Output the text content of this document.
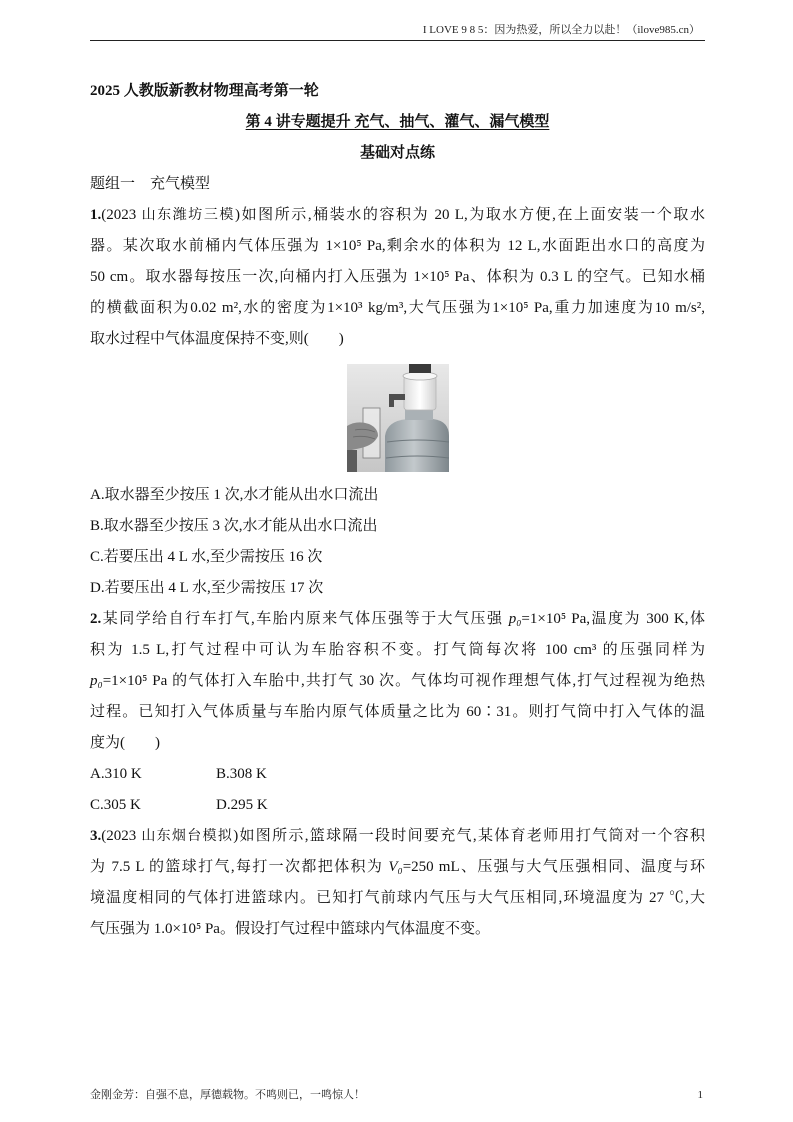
I LOVE 9 8 5：因为热爱，所以全力以赴！（ilove985.cn）
2025 人教版新教材物理高考第一轮
第 4 讲专题提升 充气、抽气、灌气、漏气模型
基础对点练
题组一　充气模型
1.(2023 山东潍坊三模)如图所示,桶装水的容积为 20 L,为取水方便,在上面安装一个取水
器。某次取水前桶内气体压强为 1×10⁵ Pa,剩余水的体积为 12 L,水面距出水口的高度为
50 cm。取水器每按压一次,向桶内打入压强为 1×10⁵ Pa、体积为 0.3 L 的空气。已知水桶
的横截面积为0.02 m²,水的密度为1×10³ kg/m³,大气压强为1×10⁵ Pa,重力加速度为10 m/s²,
取水过程中气体温度保持不变,则(　　)
A.取水器至少按压 1 次,水才能从出水口流出
B.取水器至少按压 3 次,水才能从出水口流出
C.若要压出 4 L 水,至少需按压 16 次
D.若要压出 4 L 水,至少需按压 17 次
2.某同学给自行车打气,车胎内原来气体压强等于大气压强 p₀=1×10⁵ Pa,温度为 300 K,体
积为 1.5 L,打气过程中可认为车胎容积不变。打气筒每次将 100 cm³ 的压强同样为
p₀=1×10⁵ Pa 的气体打入车胎中,共打气 30 次。气体均可视作理想气体,打气过程视为绝热
过程。已知打入气体质量与车胎内原气体质量之比为 60∶31。则打气筒中打入气体的温
度为(　　)
A.310 K	B.308 K
C.305 K	D.295 K
3.(2023 山东烟台模拟)如图所示,篮球隔一段时间要充气,某体育老师用打气筒对一个容积
为 7.5 L 的篮球打气,每打一次都把体积为 V₀=250 mL、压强与大气压强相同、温度与环
境温度相同的气体打进篮球内。已知打气前球内气压与大气压相同,环境温度为 27 ℃,大
气压强为 1.0×10⁵ Pa。假设打气过程中篮球内气体温度不变。
金刚金芳：自强不息，厚德载物。不鸣则已，一鸣惊人！	1
